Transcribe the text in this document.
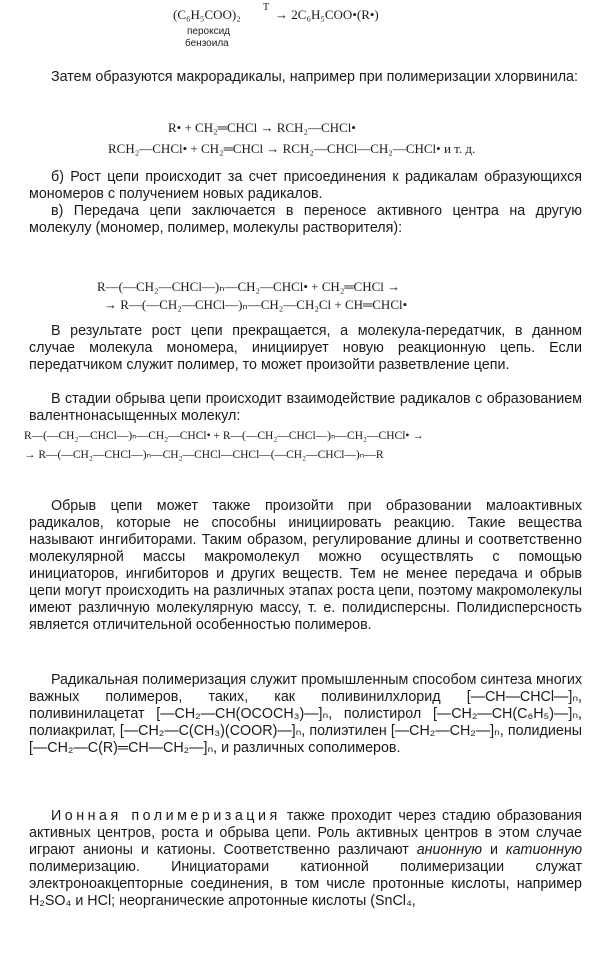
(C₆H₅COO)₂ T → 2C₆H₅COO•(R•)
пероксид
бензоила
Затем образуются макрорадикалы, например при полимеризации хлорвинила:
R• + CH₂═CHCl → RCH₂—CHCl•
RCH₂—CHCl• + CH₂═CHCl → RCH₂—CHCl—CH₂—CHCl• и т. д.
б) Рост цепи происходит за счет присоединения к радикалам образующихся мономеров с получением новых радикалов.
в) Передача цепи заключается в переносе активного центра на другую молекулу (мономер, полимер, молекулы растворителя):
R—(—CH₂—CHCl—)ₙ—CH₂—CHCl• + CH₂═CHCl →
→ R—(—CH₂—CHCl—)ₙ—CH₂—CH₂Cl + CH═CHCl•
В результате рост цепи прекращается, а молекула-передатчик, в данном случае молекула мономера, инициирует новую реакционную цепь. Если передатчиком служит полимер, то может произойти разветвление цепи.
В стадии обрыва цепи происходит взаимодействие радикалов с образованием валентнонасыщенных молекул:
R—(—CH₂—CHCl—)ₙ—CH₂—CHCl• + R—(—CH₂—CHCl—)ₙ—CH₂—CHCl• →
→ R—(—CH₂—CHCl—)ₙ—CH₂—CHCl—CHCl—(—CH₂—CHCl—)ₙ—R
Обрыв цепи может также произойти при образовании малоактивных радикалов, которые не способны инициировать реакцию. Такие вещества называют ингибиторами. Таким образом, регулирование длины и соответственно молекулярной массы макромолекул можно осуществлять с помощью инициаторов, ингибиторов и других веществ. Тем не менее передача и обрыв цепи могут происходить на различных этапах роста цепи, поэтому макромолекулы имеют различную молекулярную массу, т. е. полидисперсны. Полидисперсность является отличительной особенностью полимеров.
Радикальная полимеризация служит промышленным способом синтеза многих важных полимеров, таких, как поливинилхлорид [—CH—CHCl—]ₙ, поливинилацетат [—CH₂—CH(OCOCH₃)—]ₙ, полистирол [—CH₂—CH(C₆H₅)—]ₙ, полиакрилат, [—CH₂—C(CH₃)(COOR)—]ₙ, полиэтилен [—CH₂—CH₂—]ₙ, полидиены [—CH₂—C(R)═CH—CH₂—]ₙ, и различных сополимеров.
Ионная полимеризация также проходит через стадию образования активных центров, роста и обрыва цепи. Роль активных центров в этом случае играют анионы и катионы. Соответственно различают анионную и катионную полимеризацию. Инициаторами катионной полимеризации служат электроноакцепторные соединения, в том числе протонные кислоты, например H₂SO₄ и HCl; неорганические апротонные кислоты (SnCl₄,
